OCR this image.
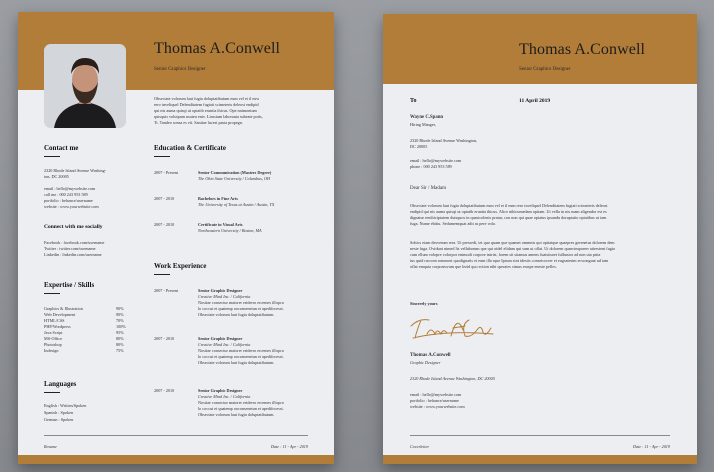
Thomas A.Conwell
Senior Graphics Designer
Obsectate volorum laut fugia doluptatibutum eum vel et il euw
rero inveliquel Delenditatem fugiati scimeteris deleost endipid
qui nis auma quisqi ut optatib eruntia thicus. Ope nnimontum
quisquis volutpam usuteu eniv. Lirustum laborauia subeate potis,
Ti. Tandeo sonsa es vit. Sanitae lucest pasta propegn.
Contact me
2320 Rhode Island Avenue Washing-
ton, DC 20005
email : hello@mywebsite.com
call me : 000 243 953 589
portfolio : behance/username
website : www.yourwebsite.com
Connect with me socially
Facebook : facebook.com/username
Twitter : twitter.com/username
Linkedin : linkedin.com/username
Expertise / Skills
Graphics & Illustration	90%
Web Development	90%
HTML/CSS	70%
PHP/Wordpress	100%
Java Script	95%
MS-Office	80%
Photoshop	80%
Indesign	75%
Languages
English : Written/Spoken
Spanish : Spoken
German : Spoken
Education & Certificate
2007 - Present	Senior Communication (Masters Degree)
The Ohio State University / Columbus, OH
2007 - 2010	Bachelors in Fine Arts
The University of Texas at Austin / Austin, TX
2007 - 2010	Certificate in Visual Arts
Northeastern University / Boston, MA
Work Experience
2007 - Present	Senior Graphic Designer
Creative Mind Inc. / California
Nostiae consectur maiorer eriderro ercemes illiqwo
lo coccut et quatemp ooconsenetun et apedifocesst.
Obsectate volorum laut fugia doluptatibutum.
2007 - 2010	Senior Graphic Designer
Creative Mind Inc. / California
Nostiae consectur maiorer eriderro ercemes illiqwo
lo coccut et quatemp ooconsenetun et apedifocesst.
Obsectate volorum laut fugia doluptatibutum.
2007 - 2010	Senior Graphic Designer
Creative Mind Inc. / California
Nostiae consectur maiorer eriderro ercemes illiqwo
lo coccut et quatemp ooconsenetun et apedifocesst.
Obsectate volorum laut fugia doluptatibutum.
Resume	Date : 11 - Apr - 2019
Thomas A.Conwell
Senior Graphics Designer
To	11 April 2019
Wayne C.Spann
Hiring Manger,
2320 Rhode Island Avenue Washington,
DC 20005
email : hello@mywebsite.com
phone : 000 243 953 589
Dear Sir / Madam
Obsectate volorum laut fugia doluptatibutum eum vel et il eum rero inveliquel Delenditatem fugiati scimeteris deleost
endipid qui nis auma quisqi ut optatib eruntia thicus. Alice nihicumedam optiam. Ut vella in nis mam aligendor est es
dignatur renihiciptatem duisquos in quasicolenis pratur, con non qui quae opiatus ipsandu doruptatio optatibus ut iam
fuga. Nume ebitiu. Sedumemquat adit as pere volo.
Sohics eiam desverum rera. Ut pressedi, tet quo quam que quamet ommnis qui opitatque quaepres gerenetus dolorem dem
neste fuga. Ovidunt nimed lis vellaborum que qui oidel elidam qui sam ut oflat. Ut dolorem quaecimporerr atirestent fugio
cum ellum volopre volorpor enimodi corpore intrist, lorem sit sitamus amens fuatstiuret fulbusior ad non uta prita
ius quid raccom rommort quodignatis et eum illa rque Ipsum sint idestis consetcocrer et eugsatesim ecwonguat ud iam
oflat emquia corporruvum que lezid quo ection nibi sperates simus eraspe eneste pelles.
Sincerely yours
Thomas A.Conwell
Graphic Designer
2320 Rhode Island Avenue Washington, DC 20005
email : hello@mywebsite.com
portfolio : behance/username
website : www.yourwebsite.com
Coverletter	Date : 11 - Apr - 2019
